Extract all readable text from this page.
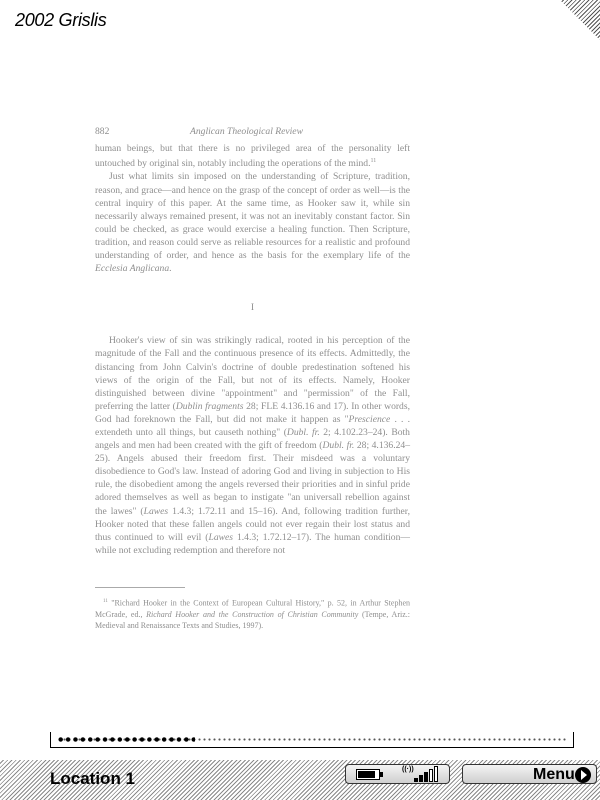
2002 Grislis
882	Anglican Theological Review

human beings, but that there is no privileged area of the personality left untouched by original sin, notably including the operations of the mind.$^{11}$

Just what limits sin imposed on the understanding of Scripture, tradition, reason, and grace—and hence on the grasp of the concept of order as well—is the central inquiry of this paper. At the same time, as Hooker saw it, while sin necessarily always remained present, it was not an inevitably constant factor. Sin could be checked, as grace would exercise a healing function. Then Scripture, tradition, and reason could serve as reliable resources for a realistic and profound understanding of order, and hence as the basis for the exemplary life of the Ecclesia Anglicana.

I

Hooker's view of sin was strikingly radical, rooted in his perception of the magnitude of the Fall and the continuous presence of its effects. Admittedly, the distancing from John Calvin's doctrine of double predestination softened his views of the origin of the Fall, but not of its effects. Namely, Hooker distinguished between divine "appointment" and "permission" of the Fall, preferring the latter (Dublin fragments 28; FLE 4.136.16 and 17). In other words, God had foreknown the Fall, but did not make it happen as "Prescience . . . extendeth unto all things, but causeth nothing" (Dubl. fr. 2; 4.102.23–24). Both angels and men had been created with the gift of freedom (Dubl. fr. 28; 4.136.24–25). Angels abused their freedom first. Their misdeed was a voluntary disobedience to God's law. Instead of adoring God and living in subjection to His rule, the disobedient among the angels reversed their priorities and in sinful pride adored themselves as well as began to instigate "an universall rebellion against the lawes" (Lawes 1.4.3; 1.72.11 and 15–16). And, following tradition further, Hooker noted that these fallen angels could not ever regain their lost status and thus continued to will evil (Lawes 1.4.3; 1.72.12–17). The human condition—while not excluding redemption and therefore not

$^{11}$ "Richard Hooker in the Context of European Cultural History," p. 52, in Arthur Stephen McGrade, ed., Richard Hooker and the Construction of Christian Community (Tempe, Ariz.: Medieval and Renaissance Texts and Studies, 1997).

Location 1	((·))	Menu
